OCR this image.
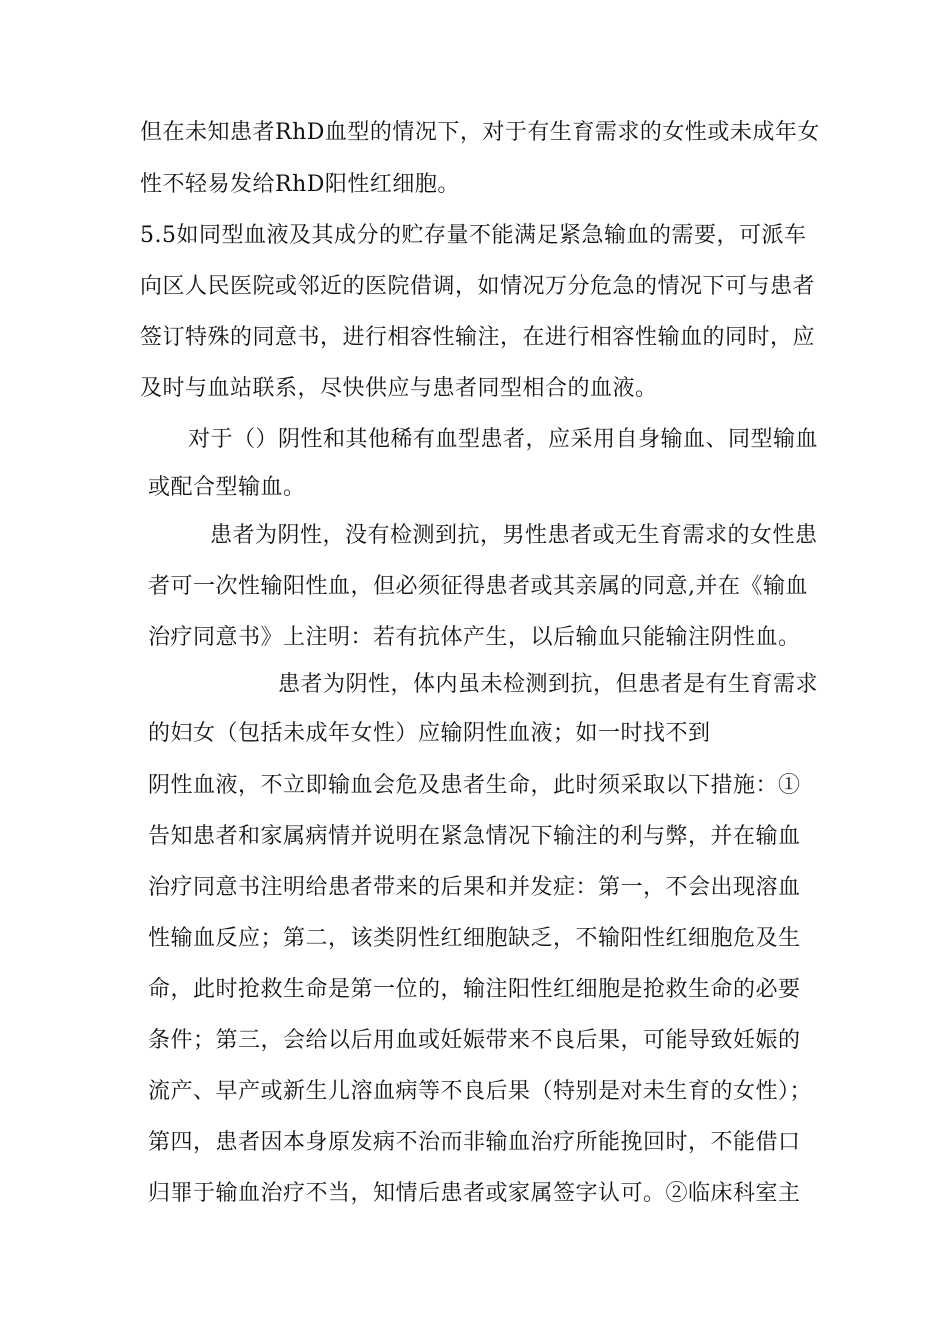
但在未知患者RhD血型的情况下，对于有生育需求的女性或未成年女
性不轻易发给RhD阳性红细胞。
5.5如同型血液及其成分的贮存量不能满足紧急输血的需要，可派车
向区人民医院或邻近的医院借调，如情况万分危急的情况下可与患者
签订特殊的同意书，进行相容性输注，在进行相容性输血的同时，应
及时与血站联系，尽快供应与患者同型相合的血液。
对于（）阴性和其他稀有血型患者，应采用自身输血、同型输血
或配合型输血。
患者为阴性，没有检测到抗，男性患者或无生育需求的女性患
者可一次性输阳性血，但必须征得患者或其亲属的同意,并在《输血
治疗同意书》上注明：若有抗体产生，以后输血只能输注阴性血。
患者为阴性，体内虽未检测到抗，但患者是有生育需求
的妇女（包括未成年女性）应输阴性血液；如一时找不到
阴性血液，不立即输血会危及患者生命，此时须采取以下措施：①
告知患者和家属病情并说明在紧急情况下输注的利与弊，并在输血
治疗同意书注明给患者带来的后果和并发症：第一，不会出现溶血
性输血反应；第二，该类阴性红细胞缺乏，不输阳性红细胞危及生
命，此时抢救生命是第一位的，输注阳性红细胞是抢救生命的必要
条件；第三，会给以后用血或妊娠带来不良后果，可能导致妊娠的
流产、早产或新生儿溶血病等不良后果（特别是对未生育的女性）；
第四，患者因本身原发病不治而非输血治疗所能挽回时，不能借口
归罪于输血治疗不当，知情后患者或家属签字认可。②临床科室主
